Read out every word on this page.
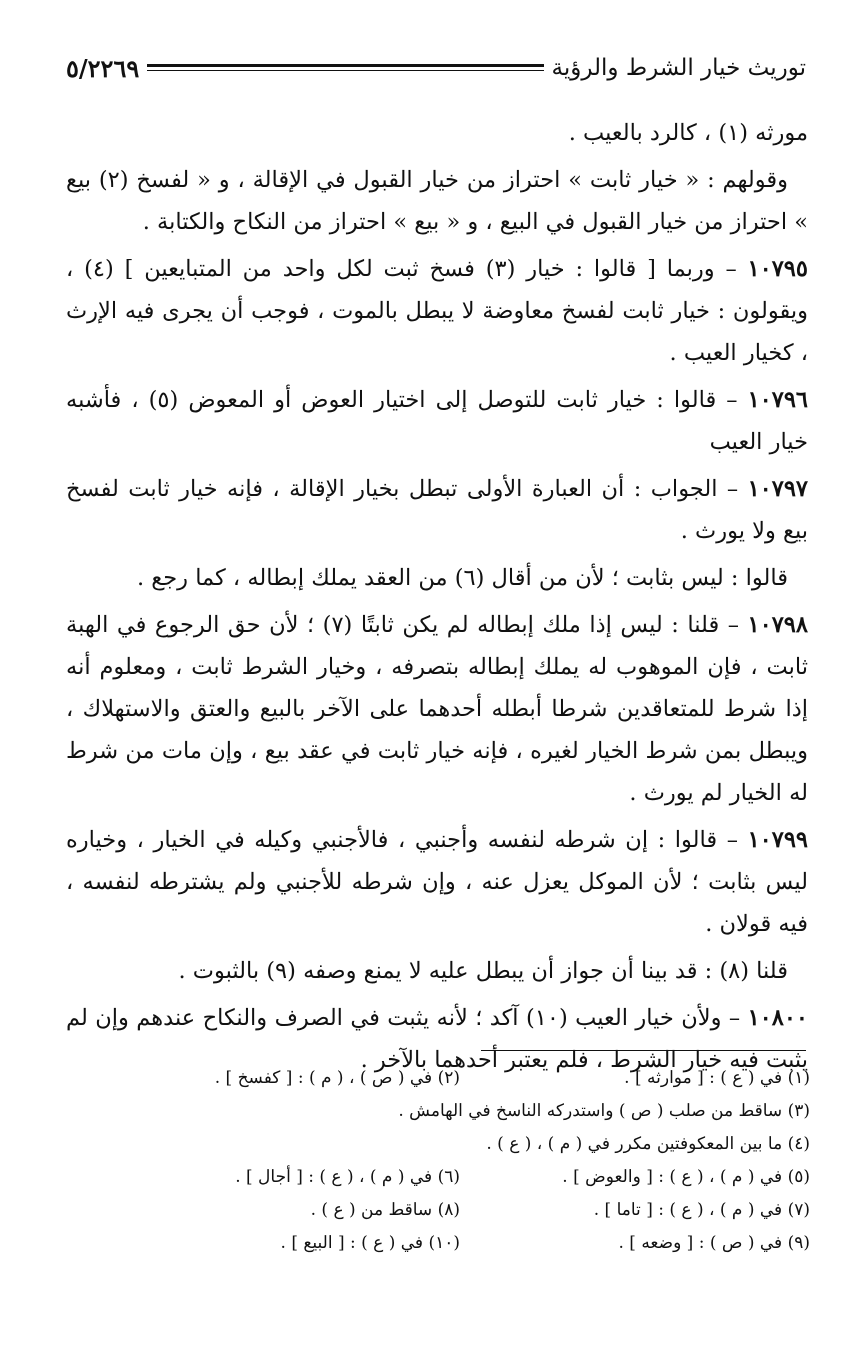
توريث خيار الشرط والرؤية
٥/٢٢٦٩

مورثه (١) ، كالرد بالعيب .

وقولهم : « خيار ثابت » احتراز من خيار القبول في الإقالة ، و « لفسخ (٢) بيع » احتراز من خيار القبول في البيع ، و « بيع » احتراز من النكاح والكتابة .

١٠٧٩٥ – وربما [ قالوا : خيار (٣) فسخ ثبت لكل واحد من المتبايعين ] (٤) ، ويقولون : خيار ثابت لفسخ معاوضة لا يبطل بالموت ، فوجب أن يجرى فيه الإرث ، كخيار العيب .

١٠٧٩٦ – قالوا : خيار ثابت للتوصل إلى اختيار العوض أو المعوض (٥) ، فأشبه خيار العيب

١٠٧٩٧ – الجواب : أن العبارة الأولى تبطل بخيار الإقالة ، فإنه خيار ثابت لفسخ بيع ولا يورث .

قالوا : ليس بثابت ؛ لأن من أقال (٦) من العقد يملك إبطاله ، كما رجع .

١٠٧٩٨ – قلنا : ليس إذا ملك إبطاله لم يكن ثابتًا (٧) ؛ لأن حق الرجوع في الهبة ثابت ، فإن الموهوب له يملك إبطاله بتصرفه ، وخيار الشرط ثابت ، ومعلوم أنه إذا شرط للمتعاقدين شرطا أبطله أحدهما على الآخر بالبيع والعتق والاستهلاك ، ويبطل بمن شرط الخيار لغيره ، فإنه خيار ثابت في عقد بيع ، وإن مات من شرط له الخيار لم يورث .

١٠٧٩٩ – قالوا : إن شرطه لنفسه وأجنبي ، فالأجنبي وكيله في الخيار ، وخياره ليس بثابت ؛ لأن الموكل يعزل عنه ، وإن شرطه للأجنبي ولم يشترطه لنفسه ، فيه قولان .

قلنا (٨) : قد بينا أن جواز أن يبطل عليه لا يمنع وصفه (٩) بالثبوت .

١٠٨٠٠ – ولأن خيار العيب (١٠) آكد ؛ لأنه يثبت في الصرف والنكاح عندهم وإن لم يثبت فيه خيار الشرط ، فلم يعتبر أحدهما بالآخر .

(١) في ( ع ) : [ موارثه ] .
(٢) في ( ص ) ، ( م ) : [ كفسخ ] .
(٣) ساقط من صلب ( ص ) واستدركه الناسخ في الهامش .
(٤) ما بين المعكوفتين مكرر في ( م ) ، ( ع ) .
(٥) في ( م ) ، ( ع ) : [ والعوض ] .
(٦) في ( م ) ، ( ع ) : [ أجال ] .
(٧) في ( م ) ، ( ع ) : [ تاما ] .
(٨) ساقط من ( ع ) .
(٩) في ( ص ) : [ وضعه ] .
(١٠) في ( ع ) : [ البيع ] .
